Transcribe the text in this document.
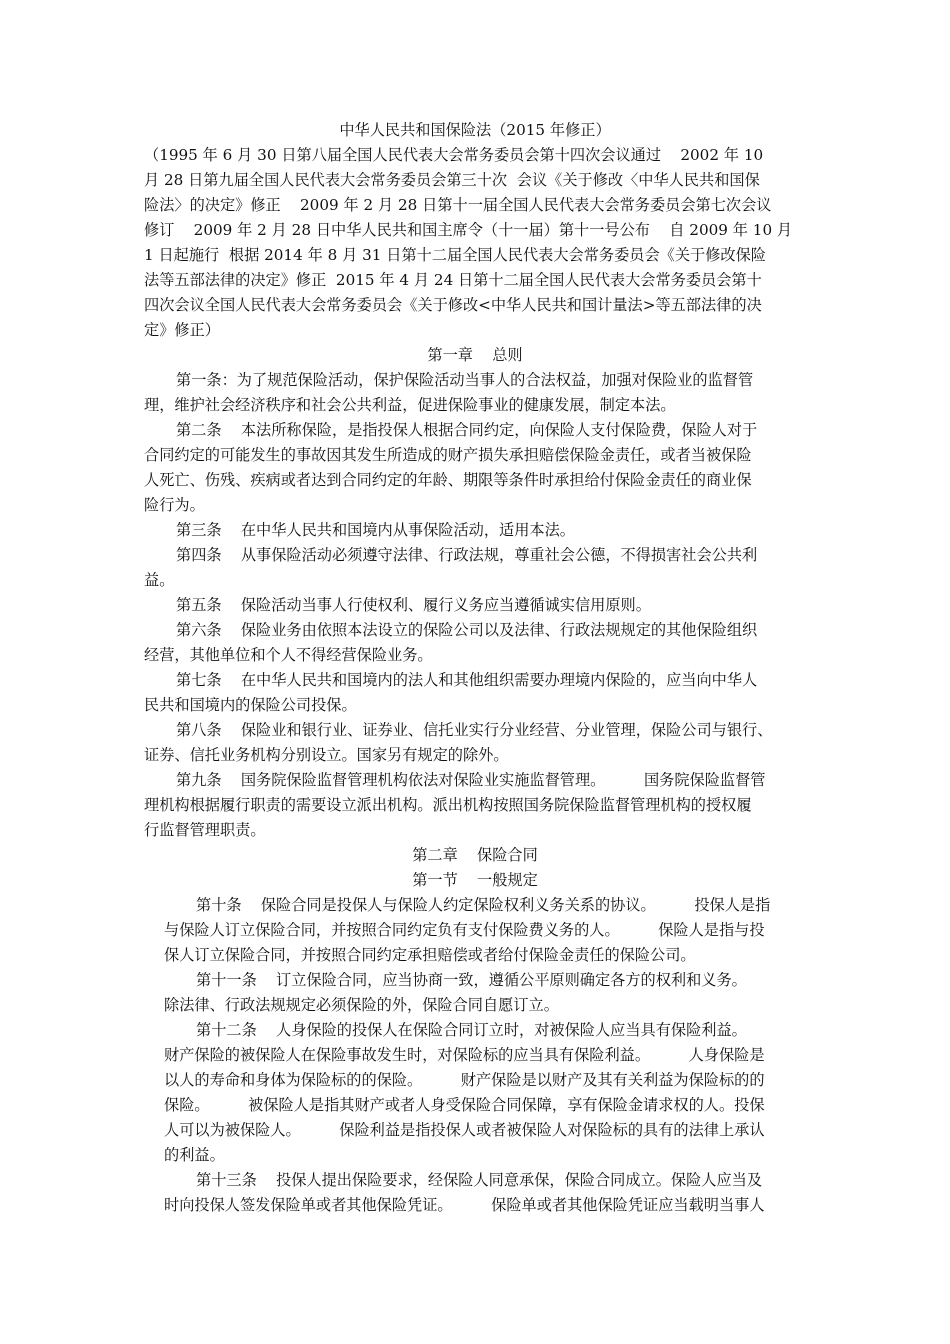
中华人民共和国保险法（2015 年修正）
（1995 年 6 月 30 日第八届全国人民代表大会常务委员会第十四次会议通过    2002 年 10
月 28 日第九届全国人民代表大会常务委员会第三十次  会议《关于修改〈中华人民共和国保
险法〉的决定》修正    2009 年 2 月 28 日第十一届全国人民代表大会常务委员会第七次会议
修订    2009 年 2 月 28 日中华人民共和国主席令（十一届）第十一号公布    自 2009 年 10 月
1 日起施行  根据 2014 年 8 月 31 日第十二届全国人民代表大会常务委员会《关于修改保险
法等五部法律的决定》修正  2015 年 4 月 24 日第十二届全国人民代表大会常务委员会第十
四次会议全国人民代表大会常务委员会《关于修改<中华人民共和国计量法>等五部法律的决
定》修正）
第一章    总则
第一条：为了规范保险活动，保护保险活动当事人的合法权益，加强对保险业的监督管
理，维护社会经济秩序和社会公共利益，促进保险事业的健康发展，制定本法。
第二条    本法所称保险，是指投保人根据合同约定，向保险人支付保险费，保险人对于
合同约定的可能发生的事故因其发生所造成的财产损失承担赔偿保险金责任，或者当被保险
人死亡、伤残、疾病或者达到合同约定的年龄、期限等条件时承担给付保险金责任的商业保
险行为。
第三条    在中华人民共和国境内从事保险活动，适用本法。
第四条    从事保险活动必须遵守法律、行政法规，尊重社会公德，不得损害社会公共利
益。
第五条    保险活动当事人行使权利、履行义务应当遵循诚实信用原则。
第六条    保险业务由依照本法设立的保险公司以及法律、行政法规规定的其他保险组织
经营，其他单位和个人不得经营保险业务。
第七条    在中华人民共和国境内的法人和其他组织需要办理境内保险的，应当向中华人
民共和国境内的保险公司投保。
第八条    保险业和银行业、证券业、信托业实行分业经营、分业管理，保险公司与银行、
证券、信托业务机构分别设立。国家另有规定的除外。
第九条    国务院保险监督管理机构依法对保险业实施监督管理。        国务院保险监督管
理机构根据履行职责的需要设立派出机构。派出机构按照国务院保险监督管理机构的授权履
行监督管理职责。
第二章    保险合同
第一节    一般规定
第十条    保险合同是投保人与保险人约定保险权利义务关系的协议。        投保人是指
与保险人订立保险合同，并按照合同约定负有支付保险费义务的人。        保险人是指与投
保人订立保险合同，并按照合同约定承担赔偿或者给付保险金责任的保险公司。
第十一条    订立保险合同，应当协商一致，遵循公平原则确定各方的权利和义务。
除法律、行政法规规定必须保险的外，保险合同自愿订立。
第十二条    人身保险的投保人在保险合同订立时，对被保险人应当具有保险利益。
财产保险的被保险人在保险事故发生时，对保险标的应当具有保险利益。        人身保险是
以人的寿命和身体为保险标的的保险。        财产保险是以财产及其有关利益为保险标的的
保险。        被保险人是指其财产或者人身受保险合同保障，享有保险金请求权的人。投保
人可以为被保险人。        保险利益是指投保人或者被保险人对保险标的具有的法律上承认
的利益。
第十三条    投保人提出保险要求，经保险人同意承保，保险合同成立。保险人应当及
时向投保人签发保险单或者其他保险凭证。        保险单或者其他保险凭证应当载明当事人
